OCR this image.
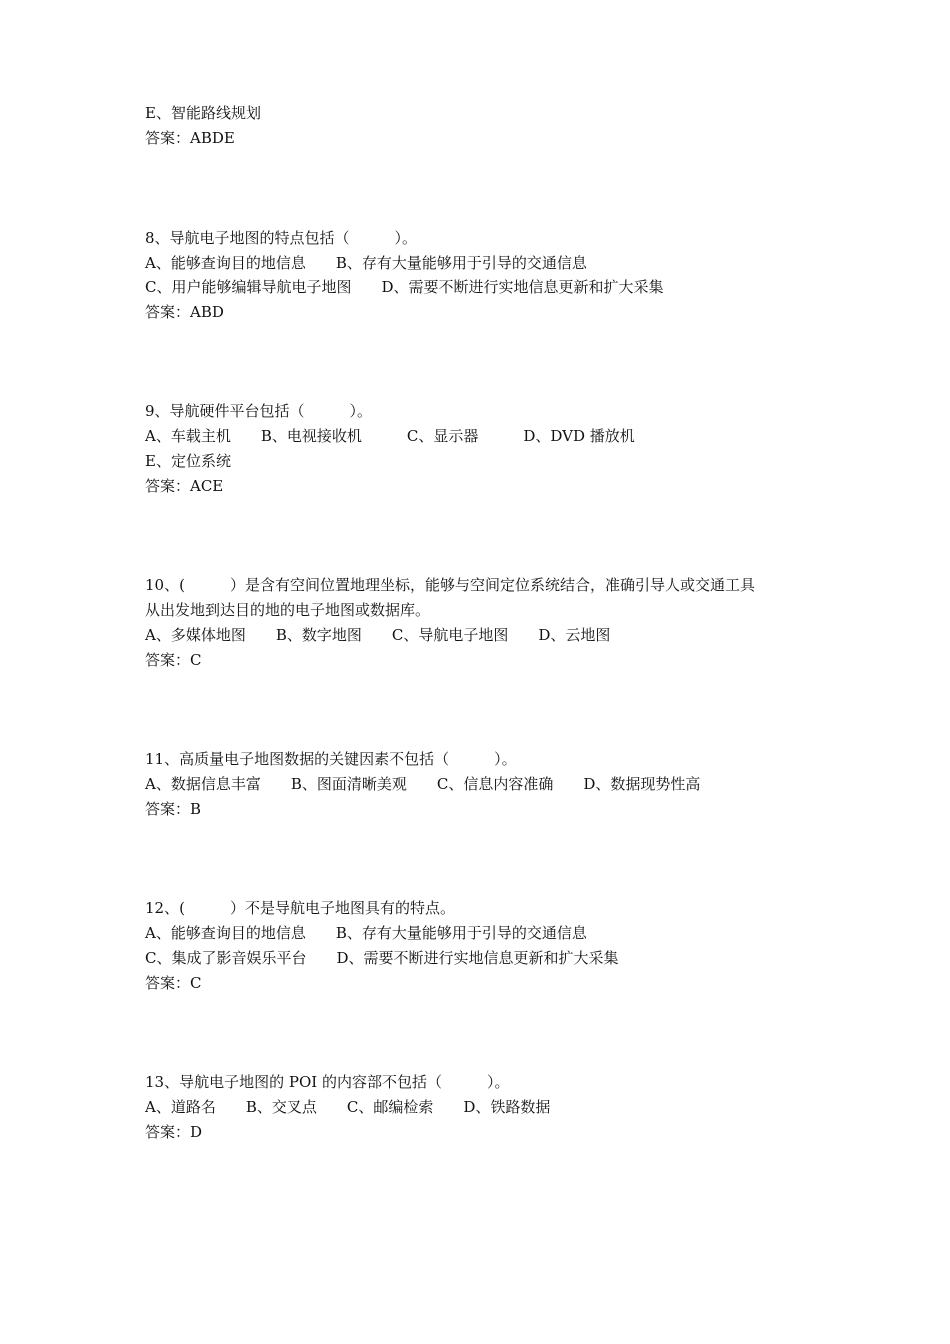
E、智能路线规划
答案：ABDE
8、导航电子地图的特点包括（　　　）。
A、能够查询目的地信息　　B、存有大量能够用于引导的交通信息
C、用户能够编辑导航电子地图　　D、需要不断进行实地信息更新和扩大采集
答案：ABD
9、导航硬件平台包括（　　　）。
A、车载主机　　B、电视接收机　　　C、显示器　　　D、DVD 播放机
E、定位系统
答案：ACE
10、(　　　）是含有空间位置地理坐标，能够与空间定位系统结合，准确引导人或交通工具
从出发地到达目的地的电子地图或数据库。
A、多媒体地图　　B、数字地图　　C、导航电子地图　　D、云地图
答案：C
11、高质量电子地图数据的关键因素不包括（　　　）。
A、数据信息丰富　　B、图面清晰美观　　C、信息内容准确　　D、数据现势性高
答案：B
12、(　　　）不是导航电子地图具有的特点。
A、能够查询目的地信息　　B、存有大量能够用于引导的交通信息
C、集成了影音娱乐平台　　D、需要不断进行实地信息更新和扩大采集
答案：C
13、导航电子地图的 POI 的内容部不包括（　　　）。
A、道路名　　B、交叉点　　C、邮编检索　　D、铁路数据
答案：D
